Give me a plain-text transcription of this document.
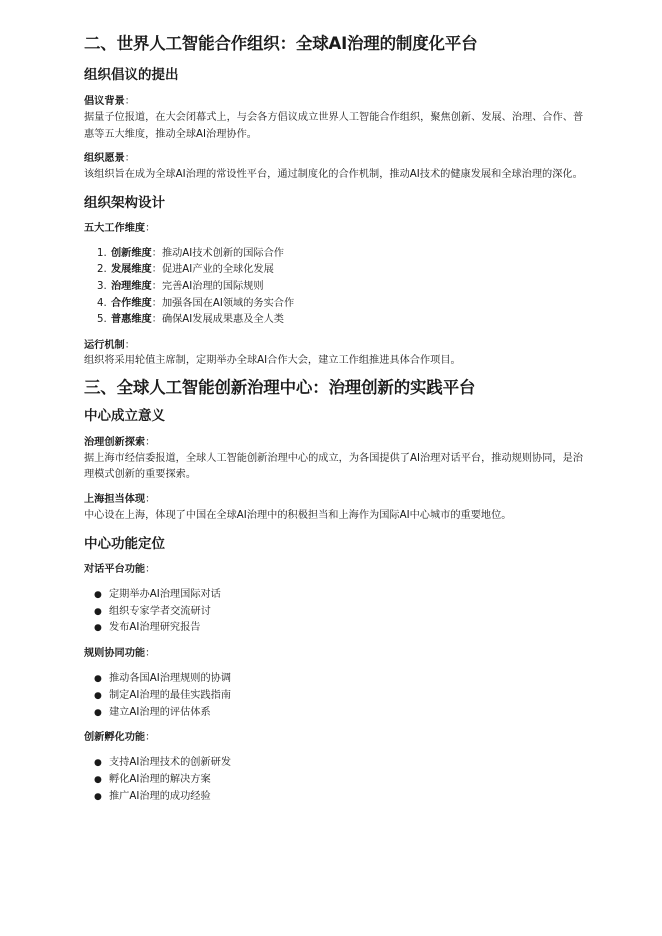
二、世界人工智能合作组织：全球AI治理的制度化平台
组织倡议的提出

倡议背景：

据量子位报道，在大会闭幕式上，与会各方倡议成立世界人工智能合作组织，聚焦创新、发展、治理、合作、普惠等五大维度，推动全球AI治理协作。

组织愿景：

该组织旨在成为全球AI治理的常设性平台，通过制度化的合作机制，推动AI技术的健康发展和全球治理的深化。

组织架构设计

五大工作维度：

1. 创新维度：推动AI技术创新的国际合作
2. 发展维度：促进AI产业的全球化发展
3. 治理维度：完善AI治理的国际规则
4. 合作维度：加强各国在AI领域的务实合作
5. 普惠维度：确保AI发展成果惠及全人类

运行机制：

组织将采用轮值主席制，定期举办全球AI合作大会，建立工作组推进具体合作项目。

三、全球人工智能创新治理中心：治理创新的实践平台
中心成立意义

治理创新探索：

据上海市经信委报道，全球人工智能创新治理中心的成立，为各国提供了AI治理对话平台，推动规则协同，是治理模式创新的重要探索。

上海担当体现：

中心设在上海，体现了中国在全球AI治理中的积极担当和上海作为国际AI中心城市的重要地位。

中心功能定位

对话平台功能：

● 定期举办AI治理国际对话
● 组织专家学者交流研讨
● 发布AI治理研究报告

规则协同功能：

● 推动各国AI治理规则的协调
● 制定AI治理的最佳实践指南
● 建立AI治理的评估体系

创新孵化功能：

● 支持AI治理技术的创新研发
● 孵化AI治理的解决方案
● 推广AI治理的成功经验
